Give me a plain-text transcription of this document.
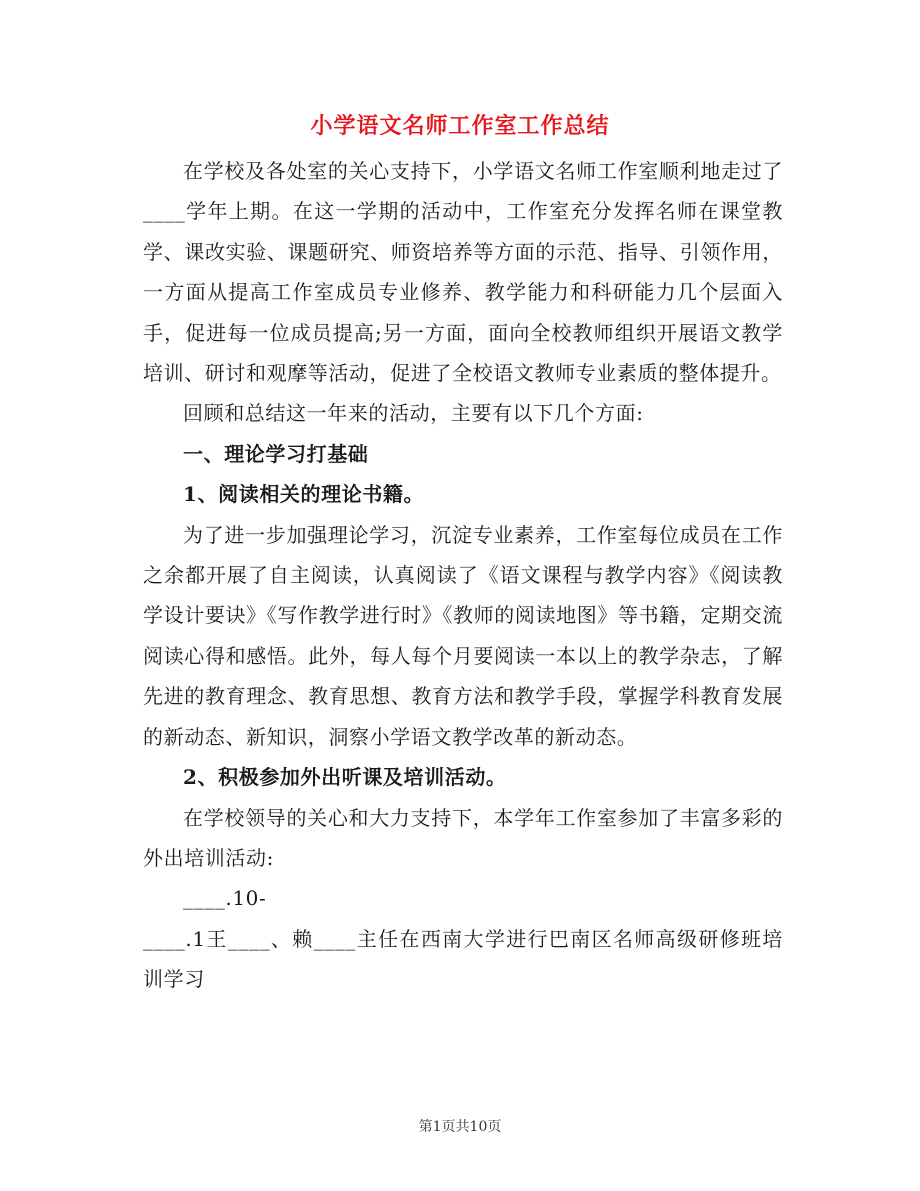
小学语文名师工作室工作总结

在学校及各处室的关心支持下，小学语文名师工作室顺利地走过了____学年上期。在这一学期的活动中，工作室充分发挥名师在课堂教学、课改实验、课题研究、师资培养等方面的示范、指导、引领作用，一方面从提高工作室成员专业修养、教学能力和科研能力几个层面入手，促进每一位成员提高;另一方面，面向全校教师组织开展语文教学培训、研讨和观摩等活动，促进了全校语文教师专业素质的整体提升。

回顾和总结这一年来的活动，主要有以下几个方面:

一、理论学习打基础

1、阅读相关的理论书籍。

为了进一步加强理论学习，沉淀专业素养，工作室每位成员在工作之余都开展了自主阅读，认真阅读了《语文课程与教学内容》《阅读教学设计要诀》《写作教学进行时》《教师的阅读地图》等书籍，定期交流阅读心得和感悟。此外，每人每个月要阅读一本以上的教学杂志，了解先进的教育理念、教育思想、教育方法和教学手段，掌握学科教育发展的新动态、新知识，洞察小学语文教学改革的新动态。

2、积极参加外出听课及培训活动。

在学校领导的关心和大力支持下，本学年工作室参加了丰富多彩的外出培训活动:

____.10-

____.1王____、赖____主任在西南大学进行巴南区名师高级研修班培训学习

第1页共10页
